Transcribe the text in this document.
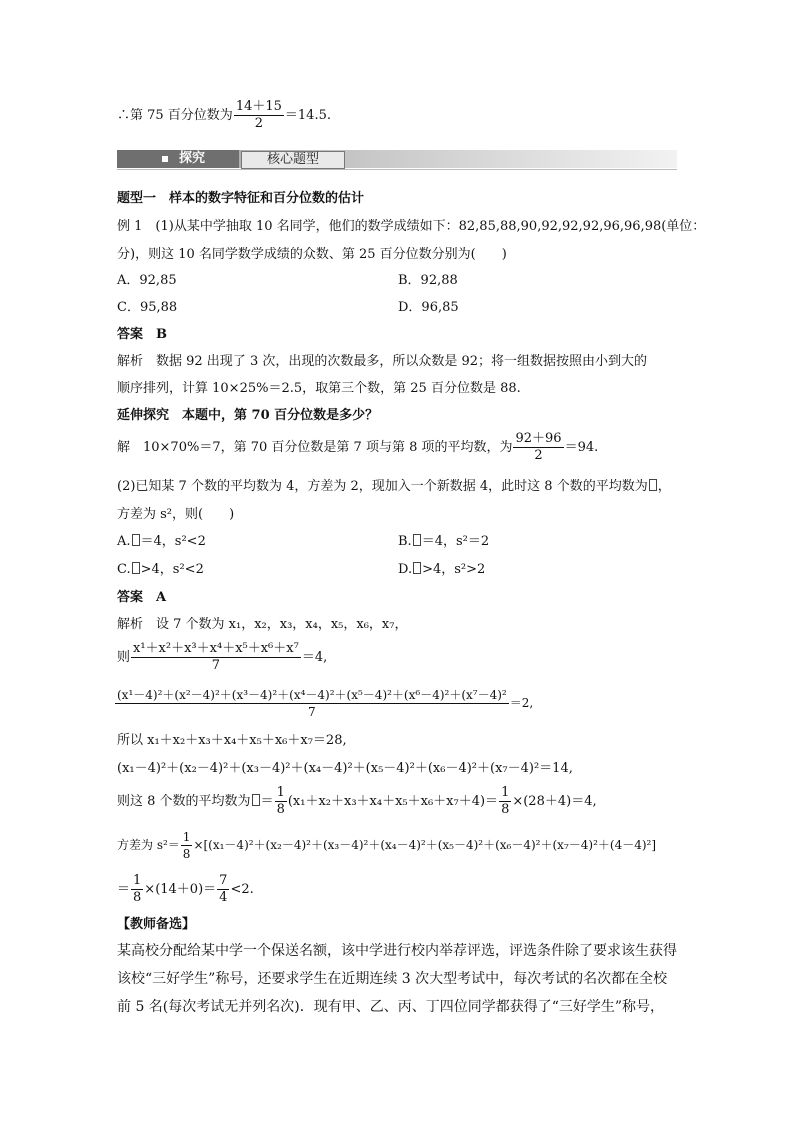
∴第 75 百分位数为 $\frac{14+15}{2} =14.5$.
探究	核心题型
题型一　样本的数字特征和百分位数的估计
例 1　(1)从某中学抽取 10 名同学，他们的数学成绩如下：82,85,88,90,92,92,92,96,96,98(单位：
分)，则这 10 名同学数学成绩的众数、第 25 百分位数分别为(　　)
A．92,85	B．92,88
C．95,88	D．96,85
答案　B
解析　数据 92 出现了 3 次，出现的次数最多，所以众数是 92；将一组数据按照由小到大的
顺序排列，计算 10×25%＝2.5，取第三个数，第 25 百分位数是 88.
延伸探究　本题中，第 70 百分位数是多少？
解　10×70%＝7，第 70 百分位数是第 7 项与第 8 项的平均数，为 $\frac{92+96}{2} =94$.
(2)已知某 7 个数的平均数为 4，方差为 2，现加入一个新数据 4，此时这 8 个数的平均数为 ，
方差为 s²，则(　　)
A. ＝4，s²<2	B. ＝4，s²＝2
C. >4，s²<2	D. >4，s²>2
答案　A
解析　设 7 个数为 x₁，x₂，x₃，x₄，x₅，x₆，x₇，
则 $\frac{\text{x¹＋x²＋x³＋x⁴＋x⁵＋x⁶＋x⁷}}{7} =4$,
$\frac{\text{(x¹－4)²＋(x²－4)²＋(x³－4)²＋(x⁴－4)²＋(x⁵－4)²＋(x⁶－4)²＋(x⁷－4)²}}{7} =2$,
所以 x₁＋x₂＋x₃＋x₄＋x₅＋x₆＋x₇＝28,
(x₁－4)²＋(x₂－4)²＋(x₃－4)²＋(x₄－4)²＋(x₅－4)²＋(x₆－4)²＋(x₇－4)²＝14,
则这 8 个数的平均数为 ＝ $\frac{1}{8} (x_1+x_2+x_3+x_4+x_5+x_6+x_7+4)= \frac{1}{8} \times(28+4)=4$,
方差为 $s^2= \frac{1}{8} \times[(x_1-4)^2+(x_2-4)^2+(x_3-4)^2+(x_4-4)^2+(x_5-4)^2+(x_6-4)^2+(x_7-4)^2+(4-4)^2]$
＝ $\frac{1}{8} \times(14+0)= \frac{7}{4} <2$.
【教师备选】
某高校分配给某中学一个保送名额，该中学进行校内举荐评选，评选条件除了要求该生获得
该校“三好学生”称号，还要求学生在近期连续 3 次大型考试中，每次考试的名次都在全校
前 5 名(每次考试无并列名次)．现有甲、乙、丙、丁四位同学都获得了“三好学生”称号，
